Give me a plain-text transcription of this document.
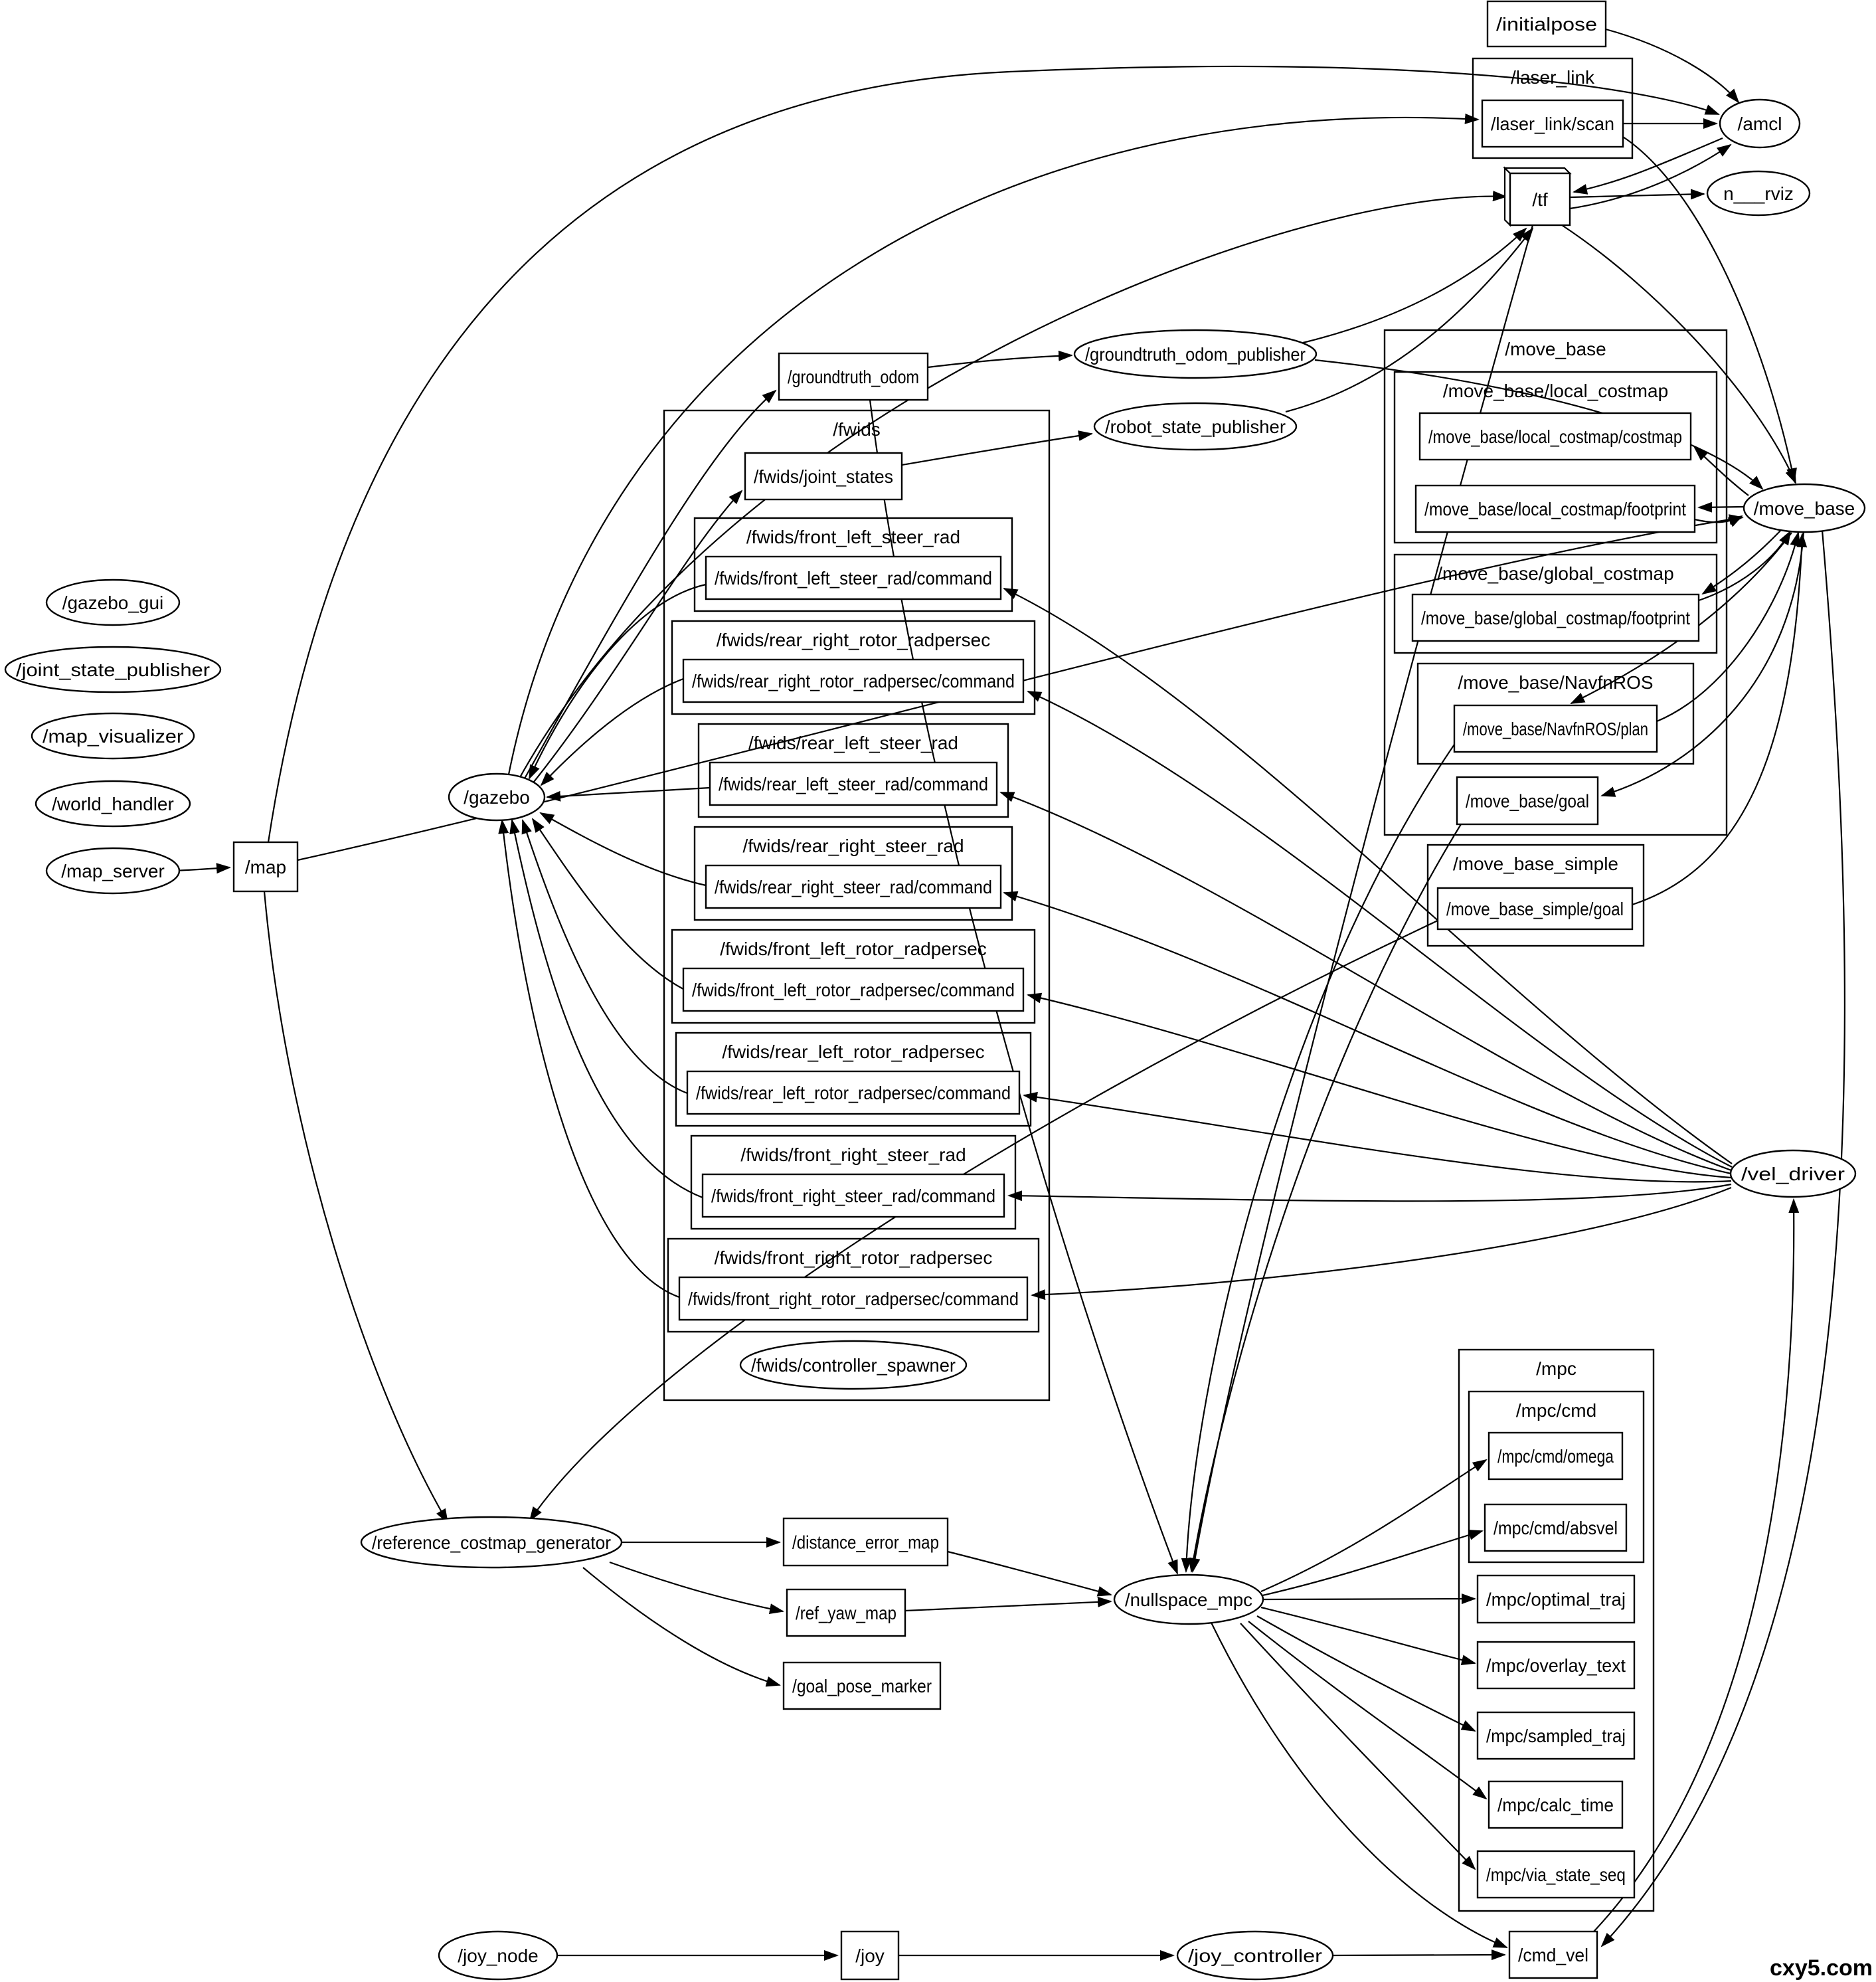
/fwids
/fwids/front_left_steer_rad
/fwids/rear_right_rotor_radpersec
/fwids/rear_left_steer_rad
/fwids/rear_right_steer_rad
/fwids/front_left_rotor_radpersec
/fwids/rear_left_rotor_radpersec
/fwids/front_right_steer_rad
/fwids/front_right_rotor_radpersec
/laser_link
/move_base
/move_base/local_costmap
/move_base/global_costmap
/move_base/NavfnROS
/move_base_simple
/mpc
/mpc/cmd
/initialpose
/laser_link/scan
/map
/groundtruth_odom
/fwids/joint_states
/fwids/front_left_steer_rad/command
/fwids/rear_right_rotor_radpersec/command
/fwids/rear_left_steer_rad/command
/fwids/rear_right_steer_rad/command
/fwids/front_left_rotor_radpersec/command
/fwids/rear_left_rotor_radpersec/command
/fwids/front_right_steer_rad/command
/fwids/front_right_rotor_radpersec/command
/move_base/local_costmap/costmap
/move_base/local_costmap/footprint
/move_base/global_costmap/footprint
/move_base/NavfnROS/plan
/move_base/goal
/move_base_simple/goal
/distance_error_map
/ref_yaw_map
/goal_pose_marker
/mpc/cmd/omega
/mpc/cmd/absvel
/mpc/optimal_traj
/mpc/overlay_text
/mpc/sampled_traj
/mpc/calc_time
/mpc/via_state_seq
/joy	/cmd_vel
/tf
/gazebo_gui
/joint_state_publisher
/map_visualizer
/world_handler
/map_server
/gazebo
/groundtruth_odom_publisher
/robot_state_publisher
/fwids/controller_spawner
/amcl
n___rviz
/move_base
/vel_driver
/reference_costmap_generator
/nullspace_mpc
/joy_node	/joy_controller	cxy5.com
